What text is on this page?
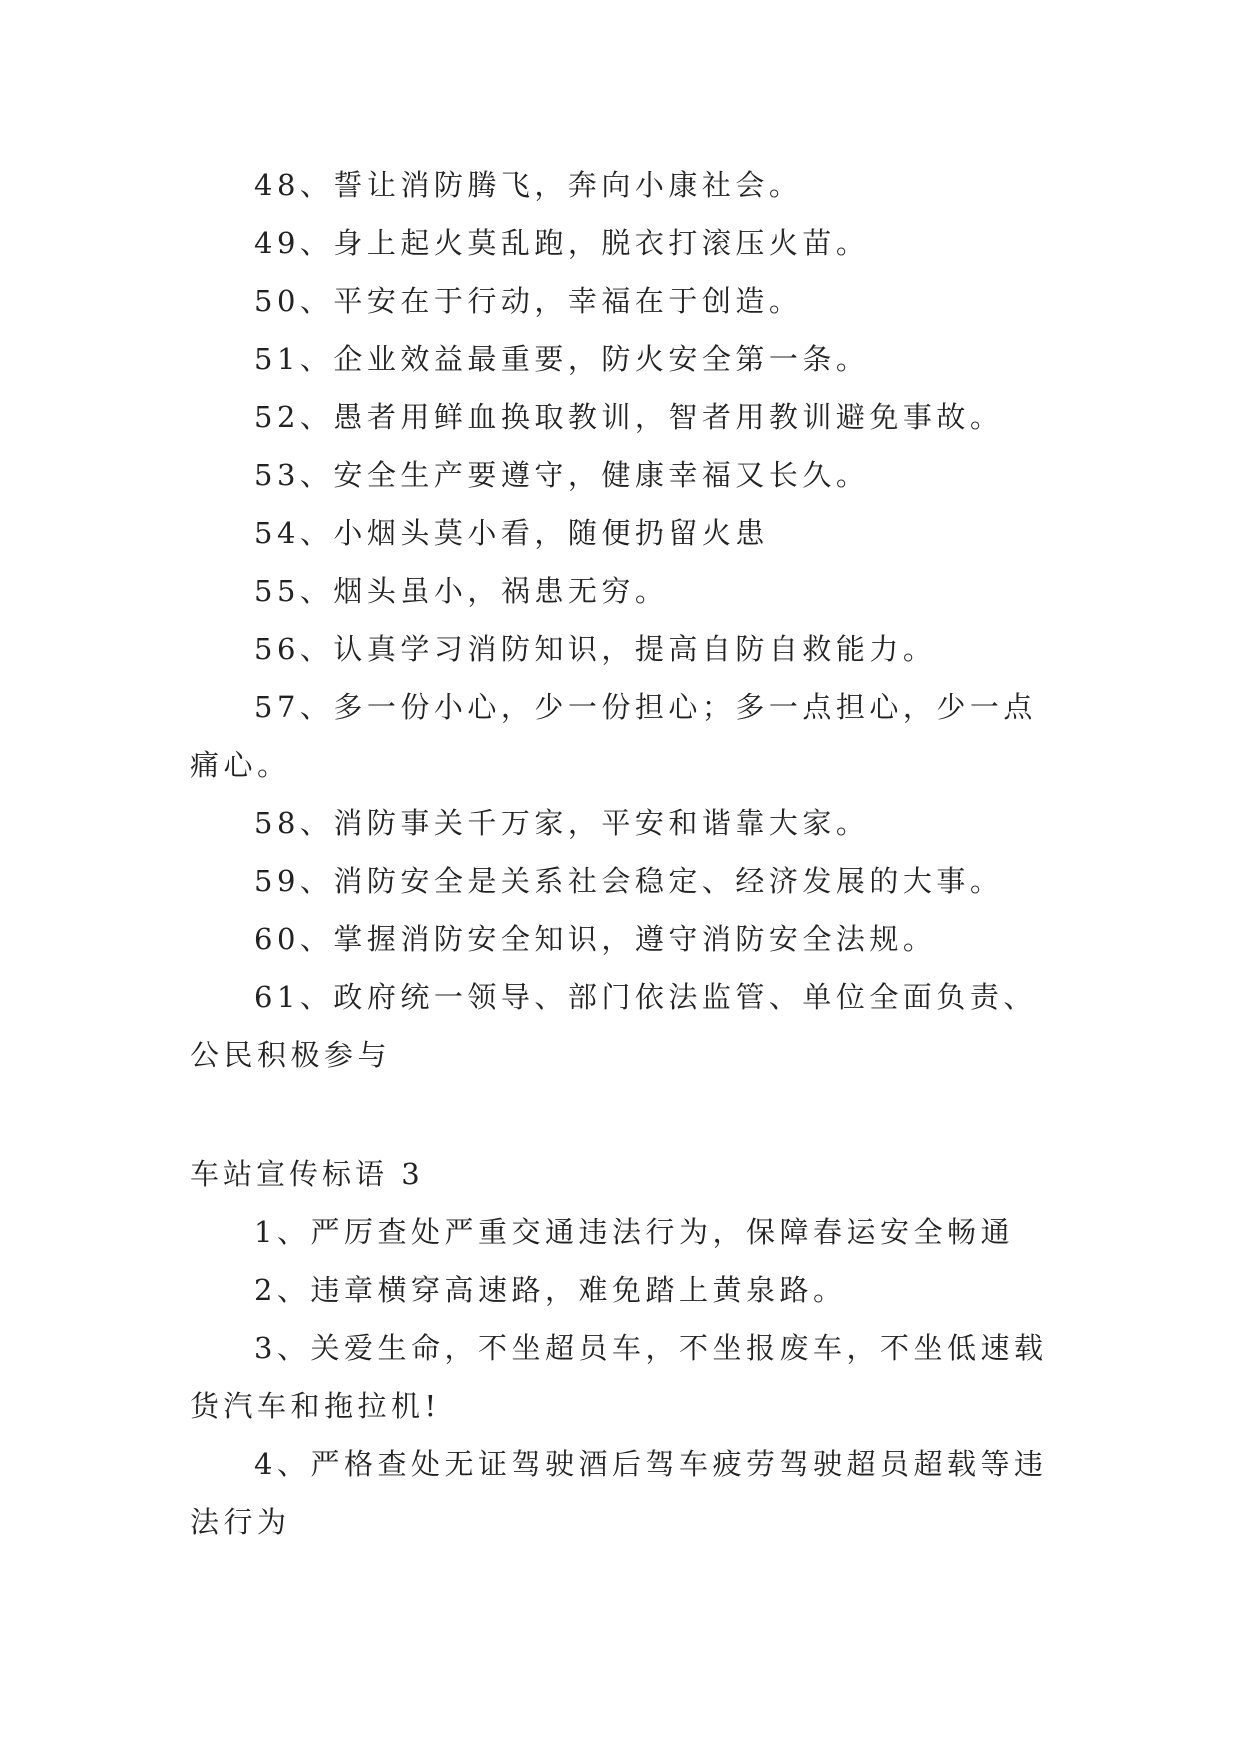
48、誓让消防腾飞，奔向小康社会。

49、身上起火莫乱跑，脱衣打滚压火苗。

50、平安在于行动，幸福在于创造。

51、企业效益最重要，防火安全第一条。

52、愚者用鲜血换取教训，智者用教训避免事故。

53、安全生产要遵守，健康幸福又长久。

54、小烟头莫小看，随便扔留火患

55、烟头虽小，祸患无穷。

56、认真学习消防知识，提高自防自救能力。

57、多一份小心，少一份担心；多一点担心，少一点痛心。

58、消防事关千万家，平安和谐靠大家。

59、消防安全是关系社会稳定、经济发展的大事。

60、掌握消防安全知识，遵守消防安全法规。

61、政府统一领导、部门依法监管、单位全面负责、公民积极参与

车站宣传标语 3

1、严厉查处严重交通违法行为，保障春运安全畅通

2、违章横穿高速路，难免踏上黄泉路。

3、关爱生命，不坐超员车，不坐报废车，不坐低速载货汽车和拖拉机!

4、严格查处无证驾驶酒后驾车疲劳驾驶超员超载等违法行为
